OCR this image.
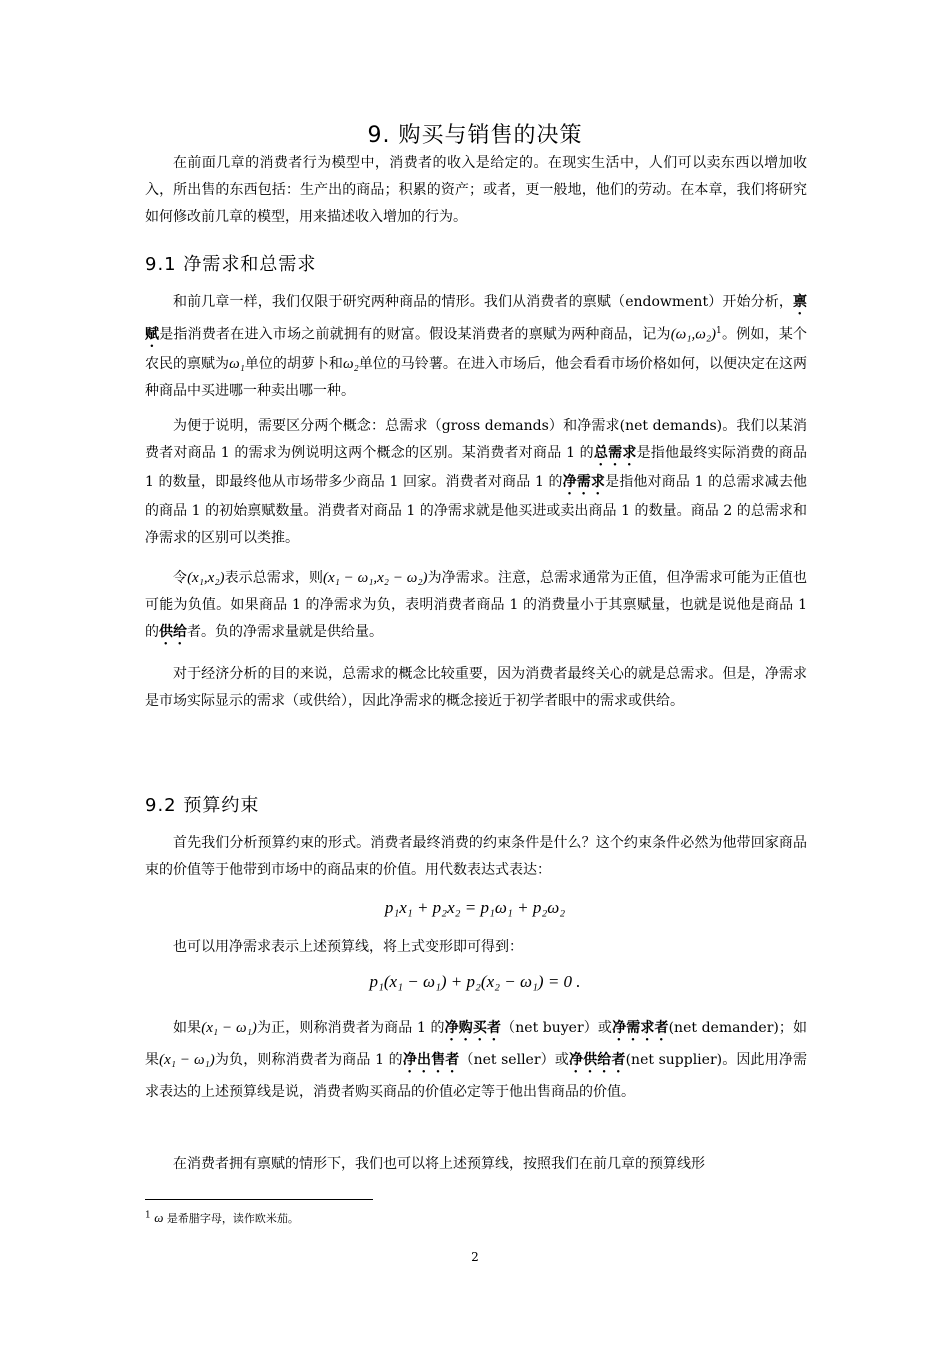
9. 购买与销售的决策

在前面几章的消费者行为模型中，消费者的收入是给定的。在现实生活中，人们可以卖东西以增加收入，所出售的东西包括：生产出的商品；积累的资产；或者，更一般地，他们的劳动。在本章，我们将研究如何修改前几章的模型，用来描述收入增加的行为。

9.1 净需求和总需求

和前几章一样，我们仅限于研究两种商品的情形。我们从消费者的禀赋（endowment）开始分析，禀赋是指消费者在进入市场之前就拥有的财富。假设某消费者的禀赋为两种商品，记为(ω₁,ω₂)$^1$。例如，某个农民的禀赋为ω₁单位的胡萝卜和ω₂单位的马铃薯。在进入市场后，他会看看市场价格如何，以便决定在这两种商品中买进哪一种卖出哪一种。

为便于说明，需要区分两个概念：总需求（gross demands）和净需求(net demands)。我们以某消费者对商品 1 的需求为例说明这两个概念的区别。某消费者对商品 1 的总需求是指他最终实际消费的商品 1 的数量，即最终他从市场带多少商品 1 回家。消费者对商品 1 的净需求是指他对商品 1 的总需求减去他的商品 1 的初始禀赋数量。消费者对商品 1 的净需求就是他买进或卖出商品 1 的数量。商品 2 的总需求和净需求的区别可以类推。

令(x₁,x₂)表示总需求，则(x₁ − ω₁,x₂ − ω₂)为净需求。注意，总需求通常为正值，但净需求可能为正值也可能为负值。如果商品 1 的净需求为负，表明消费者商品 1 的消费量小于其禀赋量，也就是说他是商品 1 的供给者。负的净需求量就是供给量。

对于经济分析的目的来说，总需求的概念比较重要，因为消费者最终关心的就是总需求。但是，净需求是市场实际显示的需求（或供给），因此净需求的概念接近于初学者眼中的需求或供给。

9.2 预算约束

首先我们分析预算约束的形式。消费者最终消费的约束条件是什么？这个约束条件必然为他带回家商品束的价值等于他带到市场中的商品束的价值。用代数表达式表达：

p₁x₁ + p₂x₂ = p₁ω₁ + p₂ω₂

也可以用净需求表示上述预算线，将上式变形即可得到：

p₁(x₁ − ω₁) + p₂(x₂ − ω₁) = 0 .

如果(x₁ − ω₁)为正，则称消费者为商品 1 的净购买者（net buyer）或净需求者(net demander)；如果(x₁ − ω₁)为负，则称消费者为商品 1 的净出售者（net seller）或净供给者(net supplier)。因此用净需求表达的上述预算线是说，消费者购买商品的价值必定等于他出售商品的价值。

在消费者拥有禀赋的情形下，我们也可以将上述预算线，按照我们在前几章的预算线形

$^1$ ω 是希腊字母，读作欧米茄。
2
